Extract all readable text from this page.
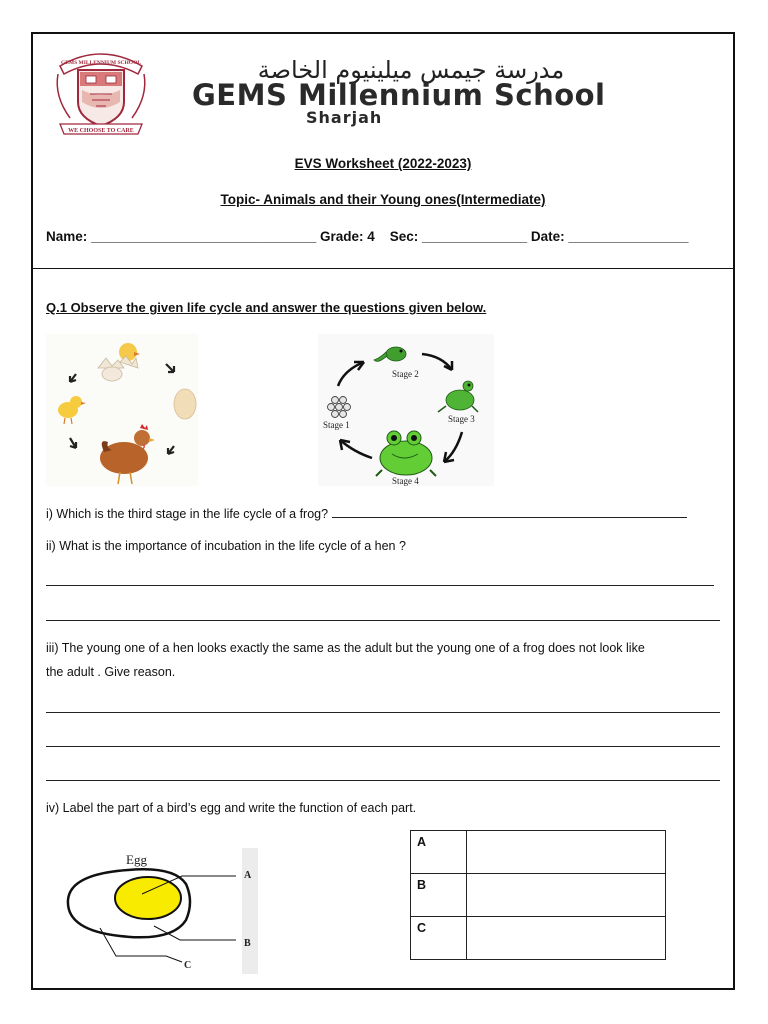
GEMS MILLENNIUM SCHOOL
WE CHOOSE TO CARE
مدرسة جيمس ميلينيوم الخاصة
GEMS Millennium School
Sharjah
EVS Worksheet (2022-2023)
Topic- Animals and their Young ones(Intermediate)
Name: ______________________________ Grade: 4    Sec: ______________ Date: ________________
Q.1 Observe the given life cycle and answer the questions given below.
Stage 1
Stage 2
Stage 3
Stage 4
i) Which is the third stage in the life cycle of a frog?
ii) What is the importance of incubation in the life cycle of a hen ?
iii) The young one of a hen looks exactly the same as the adult but the young one of a frog does not look like
the adult . Give reason.
iv) Label the part of a bird’s egg and write the function of each part.
Egg
A
B
C
A	
B	
C	
